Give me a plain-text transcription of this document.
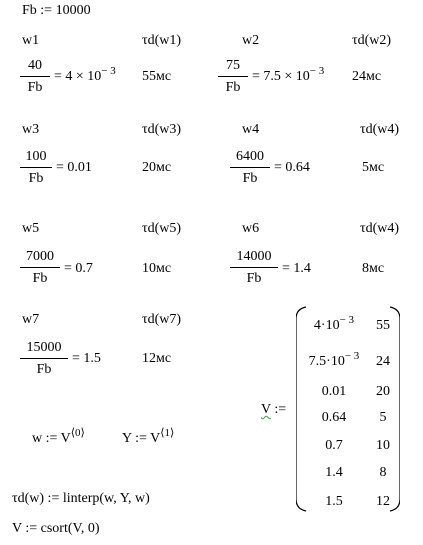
Fb := 10000
w1	τd(w1)
40
Fb
= $4 \times 10^{- 3}$ 55мс
w2	τd(w2)
75
Fb
= $7.5 \times 10^{- 3}$ 24мс
w3	τd(w3)
100
Fb
= 0.01	20мс
w4	τd(w4)
6400
Fb
= 0.64	5мс
w5	τd(w5)
7000
Fb
= 0.7	10мс
w6	τd(w4)
14000
Fb
= 1.4	8мс
w7	τd(w7)
15000
Fb
= 1.5	12мс
w := $V^{⟨0⟩}$	Y := $V^{⟨1⟩}$
τd(w) := linterp(w, Y, w)
V := csort(V, 0)
V :=
$4\cdot 10^{- 3}$	55
$7.5\cdot 10^{- 3}$	24
0.01	20
0.64	5
0.7	10
1.4	8
1.5	12
